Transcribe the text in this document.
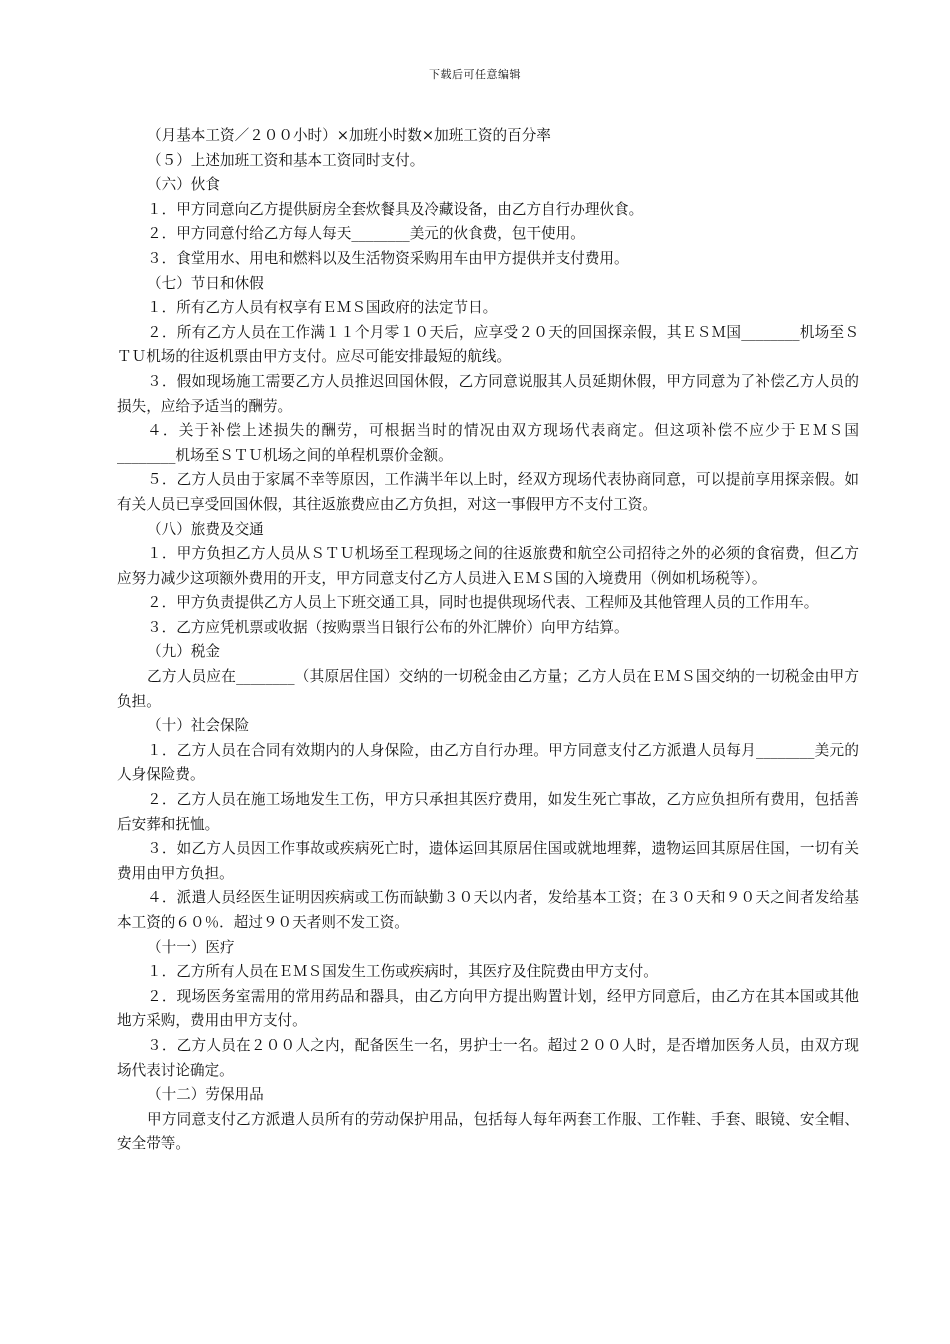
下载后可任意编辑

（月基本工资／２００小时）×加班小时数×加班工资的百分率

（５）上述加班工资和基本工资同时支付。

（六）伙食

１．甲方同意向乙方提供厨房全套炊餐具及冷藏设备，由乙方自行办理伙食。

２．甲方同意付给乙方每人每天________美元的伙食费，包干使用。

３．食堂用水、用电和燃料以及生活物资采购用车由甲方提供并支付费用。

（七）节日和休假

１．所有乙方人员有权享有ＥＭＳ国政府的法定节日。

２．所有乙方人员在工作满１１个月零１０天后，应享受２０天的回国探亲假，其ＥＳＭ国________机场至ＳＴＵ机场的往返机票由甲方支付。应尽可能安排最短的航线。

３．假如现场施工需要乙方人员推迟回国休假，乙方同意说服其人员延期休假，甲方同意为了补偿乙方人员的损失，应给予适当的酬劳。

４．关于补偿上述损失的酬劳，可根据当时的情况由双方现场代表商定。但这项补偿不应少于ＥＭＳ国________机场至ＳＴＵ机场之间的单程机票价金额。

５．乙方人员由于家属不幸等原因，工作满半年以上时，经双方现场代表协商同意，可以提前享用探亲假。如有关人员已享受回国休假，其往返旅费应由乙方负担，对这一事假甲方不支付工资。

（八）旅费及交通

１．甲方负担乙方人员从ＳＴＵ机场至工程现场之间的往返旅费和航空公司招待之外的必须的食宿费，但乙方应努力减少这项额外费用的开支，甲方同意支付乙方人员进入ＥＭＳ国的入境费用（例如机场税等）。

２．甲方负责提供乙方人员上下班交通工具，同时也提供现场代表、工程师及其他管理人员的工作用车。

３．乙方应凭机票或收据（按购票当日银行公布的外汇牌价）向甲方结算。

（九）税金

乙方人员应在________（其原居住国）交纳的一切税金由乙方量；乙方人员在ＥＭＳ国交纳的一切税金由甲方负担。

（十）社会保险

１．乙方人员在合同有效期内的人身保险，由乙方自行办理。甲方同意支付乙方派遣人员每月________美元的人身保险费。

２．乙方人员在施工场地发生工伤，甲方只承担其医疗费用，如发生死亡事故，乙方应负担所有费用，包括善后安葬和抚恤。

３．如乙方人员因工作事故或疾病死亡时，遗体运回其原居住国或就地埋葬，遗物运回其原居住国，一切有关费用由甲方负担。

４．派遣人员经医生证明因疾病或工伤而缺勤３０天以内者，发给基本工资；在３０天和９０天之间者发给基本工资的６０％．超过９０天者则不发工资。

（十一）医疗

１．乙方所有人员在ＥＭＳ国发生工伤或疾病时，其医疗及住院费由甲方支付。

２．现场医务室需用的常用药品和器具，由乙方向甲方提出购置计划，经甲方同意后，由乙方在其本国或其他地方采购，费用由甲方支付。

３．乙方人员在２００人之内，配备医生一名，男护士一名。超过２００人时，是否增加医务人员，由双方现场代表讨论确定。

（十二）劳保用品

甲方同意支付乙方派遣人员所有的劳动保护用品，包括每人每年两套工作服、工作鞋、手套、眼镜、安全帽、安全带等。
